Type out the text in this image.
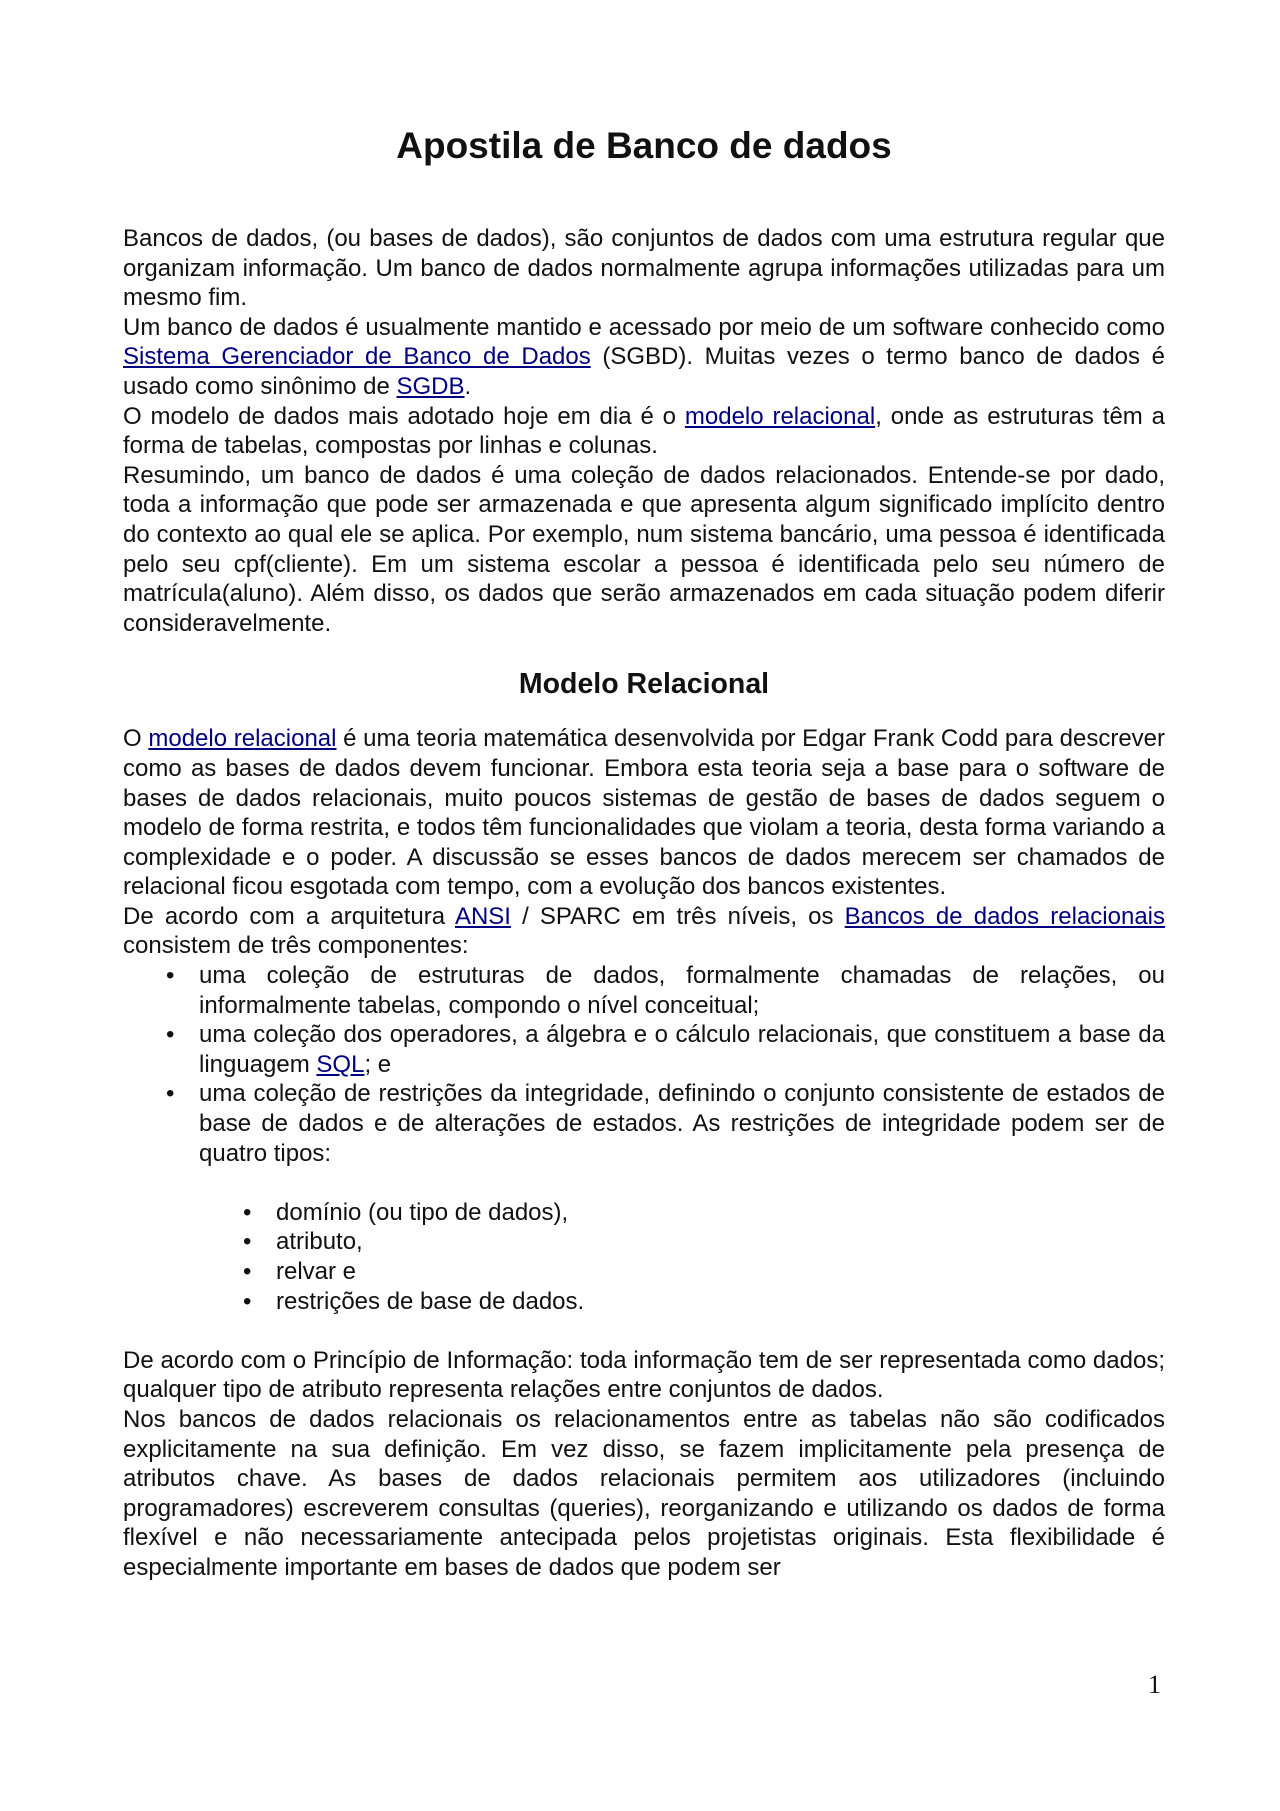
Apostila de Banco de dados

Bancos de dados, (ou bases de dados), são conjuntos de dados com uma estrutura regular que organizam informação. Um banco de dados normalmente agrupa informações utilizadas para um mesmo fim.

Um banco de dados é usualmente mantido e acessado por meio de um software conhecido como Sistema Gerenciador de Banco de Dados (SGBD). Muitas vezes o termo banco de dados é usado como sinônimo de SGDB.

O modelo de dados mais adotado hoje em dia é o modelo relacional, onde as estruturas têm a forma de tabelas, compostas por linhas e colunas.

Resumindo, um banco de dados é uma coleção de dados relacionados. Entende-se por dado, toda a informação que pode ser armazenada e que apresenta algum significado implícito dentro do contexto ao qual ele se aplica. Por exemplo, num sistema bancário, uma pessoa é identificada pelo seu cpf(cliente). Em um sistema escolar a pessoa é identificada pelo seu número de matrícula(aluno). Além disso, os dados que serão armazenados em cada situação podem diferir consideravelmente.

Modelo Relacional

O modelo relacional é uma teoria matemática desenvolvida por Edgar Frank Codd para descrever como as bases de dados devem funcionar. Embora esta teoria seja a base para o software de bases de dados relacionais, muito poucos sistemas de gestão de bases de dados seguem o modelo de forma restrita, e todos têm funcionalidades que violam a teoria, desta forma variando a complexidade e o poder. A discussão se esses bancos de dados merecem ser chamados de relacional ficou esgotada com tempo, com a evolução dos bancos existentes.

De acordo com a arquitetura ANSI / SPARC em três níveis, os Bancos de dados relacionais consistem de três componentes:

• uma coleção de estruturas de dados, formalmente chamadas de relações, ou informalmente tabelas, compondo o nível conceitual;
• uma coleção dos operadores, a álgebra e o cálculo relacionais, que constituem a base da linguagem SQL; e
• uma coleção de restrições da integridade, definindo o conjunto consistente de estados de base de dados e de alterações de estados. As restrições de integridade podem ser de quatro tipos:
• domínio (ou tipo de dados),
• atributo,
• relvar e
• restrições de base de dados.

De acordo com o Princípio de Informação: toda informação tem de ser representada como dados; qualquer tipo de atributo representa relações entre conjuntos de dados.

Nos bancos de dados relacionais os relacionamentos entre as tabelas não são codificados explicitamente na sua definição. Em vez disso, se fazem implicitamente pela presença de atributos chave. As bases de dados relacionais permitem aos utilizadores (incluindo programadores) escreverem consultas (queries), reorganizando e utilizando os dados de forma flexível e não necessariamente antecipada pelos projetistas originais. Esta flexibilidade é especialmente importante em bases de dados que podem ser

1
